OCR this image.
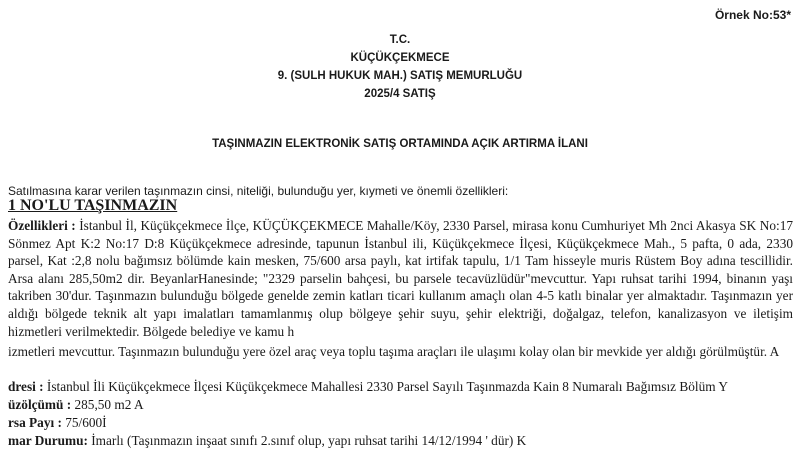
Örnek No:53*
T.C.
KÜÇÜKÇEKMECE
9. (SULH HUKUK MAH.) SATIŞ MEMURLUĞU
2025/4 SATIŞ
TAŞINMAZIN ELEKTRONİK SATIŞ ORTAMINDA AÇIK ARTIRMA İLANI
Satılmasına karar verilen taşınmazın cinsi, niteliği, bulunduğu yer, kıymeti ve önemli özellikleri:
1 NO'LU TAŞINMAZIN

Özellikleri : İstanbul İl, Küçükçekmece İlçe, KÜÇÜKÇEKMECE Mahalle/Köy, 2330 Parsel, mirasa konu Cumhuriyet Mh 2nci Akasya SK No:17 Sönmez Apt K:2 No:17 D:8 Küçükçekmece adresinde, tapunun İstanbul ili, Küçükçekmece İlçesi, Küçükçekmece Mah., 5 pafta, 0 ada, 2330 parsel, Kat :2,8 nolu bağımsız bölümde kain mesken, 75/600 arsa paylı, kat irtifak tapulu, 1/1 Tam hisseyle muris Rüstem Boy adına tescillidir. Arsa alanı 285,50m2 dir. BeyanlarHanesinde; "2329 parselin bahçesi, bu parsele tecavüzlüdür"mevcuttur. Yapı ruhsat tarihi 1994, binanın yaşı takriben 30'dur. Taşınmazın bulunduğu bölgede genelde zemin katları ticari kullanım amaçlı olan 4-5 katlı binalar yer almaktadır. Taşınmazın yer aldığı bölgede teknik alt yapı imalatları tamamlanmış olup bölgeye şehir suyu, şehir elektriği, doğalgaz, telefon, kanalizasyon ve iletişim hizmetleri verilmektedir. Bölgede belediye ve kamu h

izmetleri mevcuttur. Taşınmazın bulunduğu yere özel araç veya toplu taşıma araçları ile ulaşımı kolay olan bir mevkide yer aldığı görülmüştür. A

dresi : İstanbul İli Küçükçekmece İlçesi Küçükçekmece Mahallesi 2330 Parsel Sayılı Taşınmazda Kain 8 Numaralı Bağımsız Bölüm Y
üzölçümü : 285,50 m2 A
rsa Payı : 75/600İ
mar Durumu: İmarlı (Taşınmazın inşaat sınıfı 2.sınıf olup, yapı ruhsat tarihi 14/12/1994 ' dür) K
